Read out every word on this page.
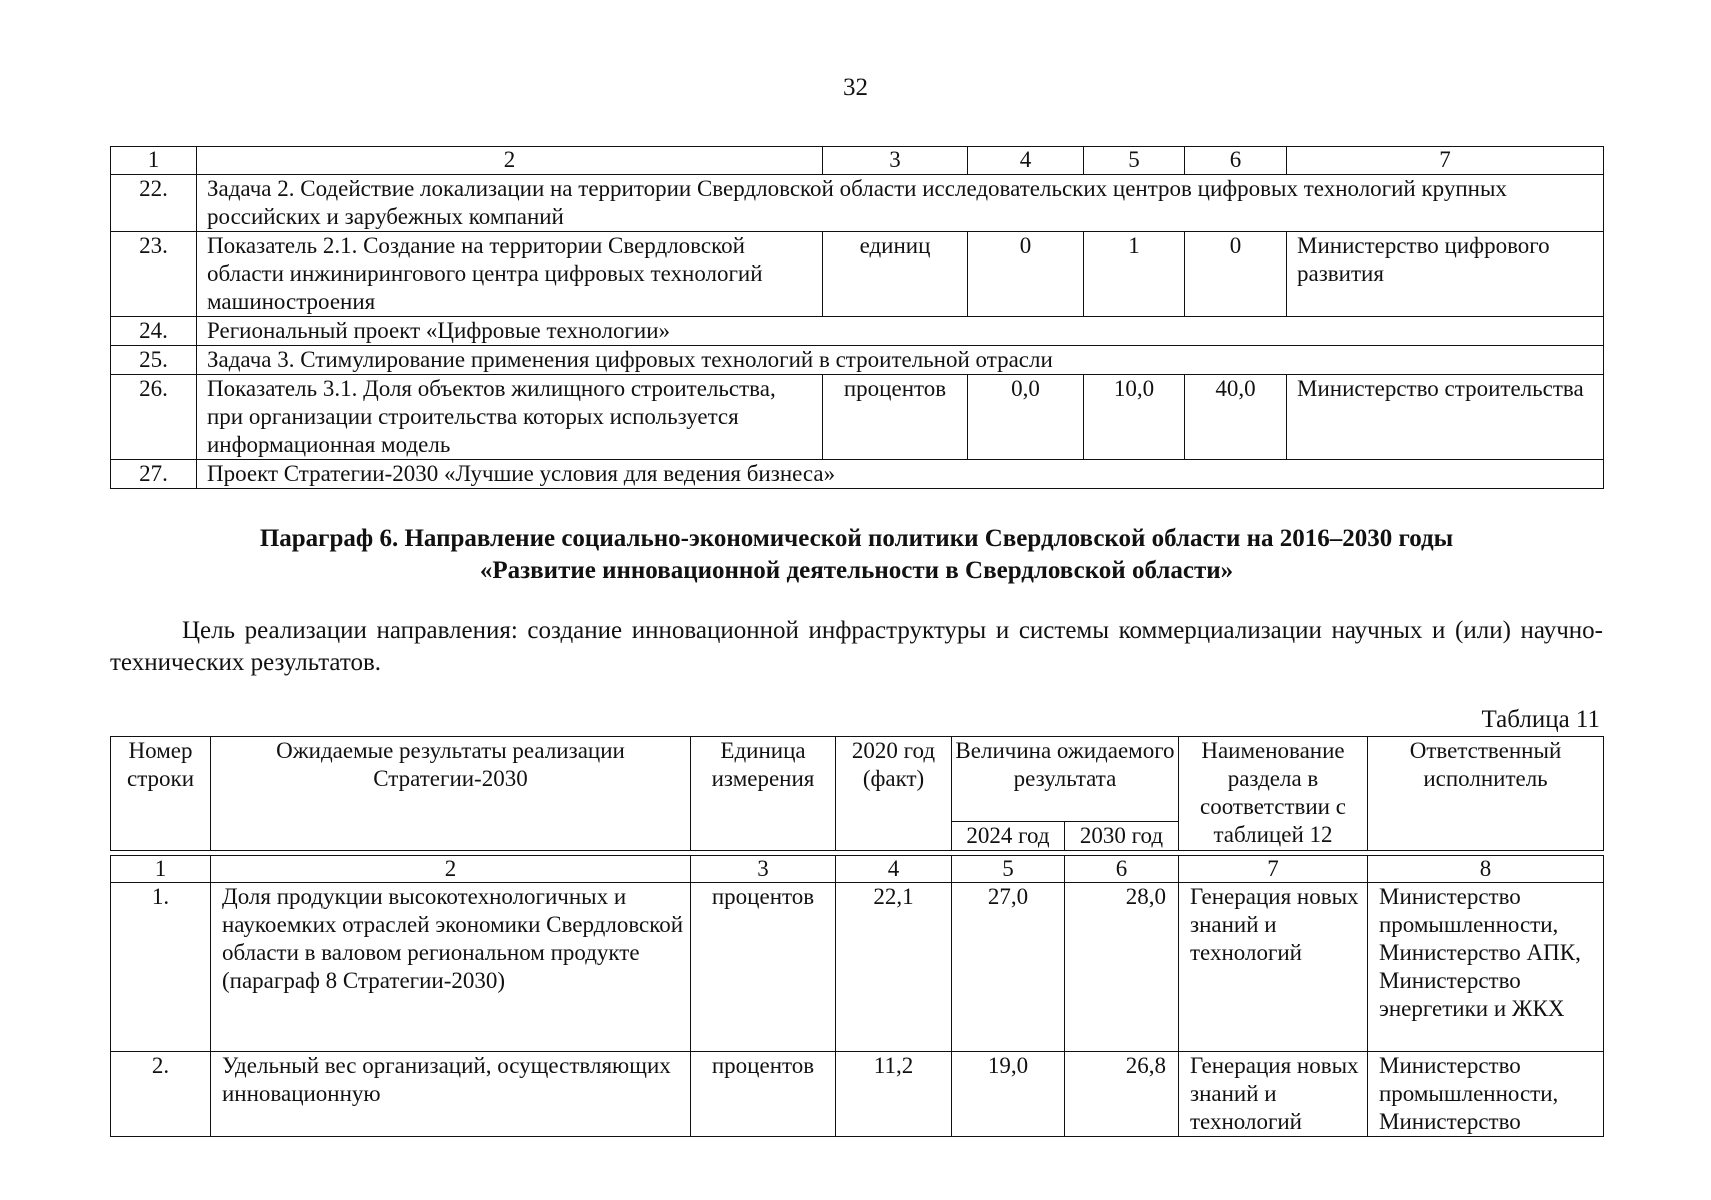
32
1	2	3	4	5	6	7
22.	Задача 2. Содействие локализации на территории Свердловской области исследовательских центров цифровых технологий крупных российских и зарубежных компаний					
23.	Показатель 2.1. Создание на территории Свердловской области инжинирингового центра цифровых технологий машиностроения	единиц	0	1	0	Министерство цифрового развития
24.	Региональный проект «Цифровые технологии»					
25.	Задача 3. Стимулирование применения цифровых технологий в строительной отрасли					
26.	Показатель 3.1. Доля объектов жилищного строительства, при организации строительства которых используется информационная модель	процентов	0,0	10,0	40,0	Министерство строительства
27.	Проект Стратегии-2030 «Лучшие условия для ведения бизнеса»					
Параграф 6. Направление социально-экономической политики Свердловской области на 2016–2030 годы
«Развитие инновационной деятельности в Свердловской области»
Цель реализации направления: создание инновационной инфраструктуры и системы коммерциализации научных и (или) научно-технических результатов.
Таблица 11
Номер строки	Ожидаемые результаты реализации Стратегии-2030	Единица измерения	2020 год (факт)	Величина ожидаемого результата		Наименование раздела в соответствии с таблицей 12	Ответственный исполнитель
				2024 год	2030 год		

1	2	3	4	5	6	7	8
1.	Доля продукции высокотехнологичных и наукоемких отраслей экономики Свердловской области в валовом региональном продукте (параграф 8 Стратегии-2030)	процентов	22,1	27,0	28,0	Генерация новых знаний и технологий	Министерство промышленности, Министерство АПК, Министерство энергетики и ЖКХ
2.	Удельный вес организаций, осуществляющих инновационную	процентов	11,2	19,0	26,8	Генерация новых знаний и технологий	Министерство промышленности, Министерство
